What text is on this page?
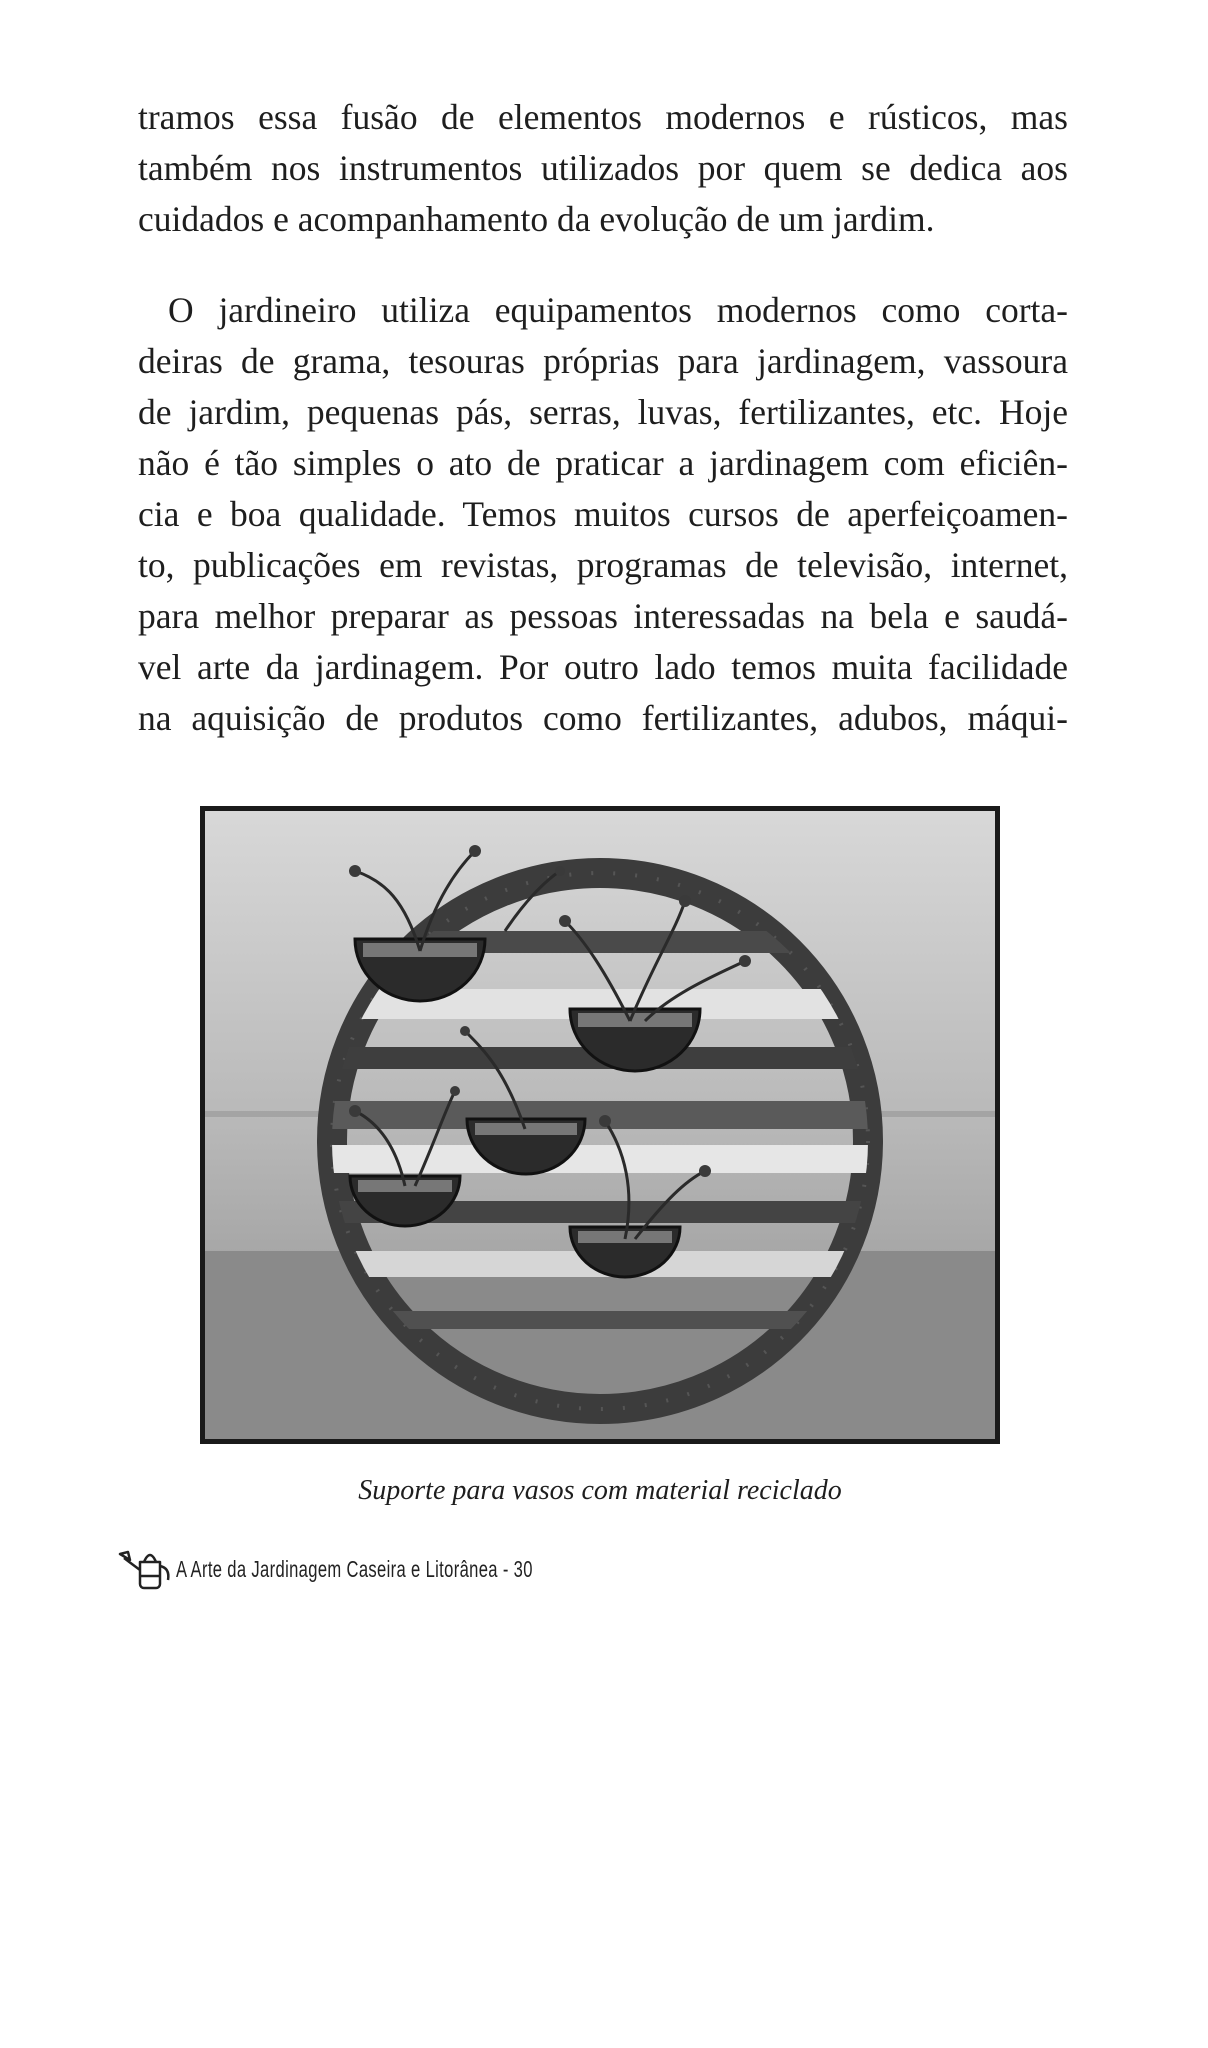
tramos essa fusão de elementos modernos e rústicos, mas
também nos instrumentos utilizados por quem se dedica aos
cuidados e acompanhamento da evolução de um jardim.
O jardineiro utiliza equipamentos modernos como corta-
deiras de grama, tesouras próprias para jardinagem, vassoura
de jardim, pequenas pás, serras, luvas, fertilizantes, etc. Hoje
não é tão simples o ato de praticar a jardinagem com eficiên-
cia e boa qualidade. Temos muitos cursos de aperfeiçoamen-
to, publicações em revistas, programas de televisão, internet,
para melhor preparar as pessoas interessadas na bela e saudá-
vel arte da jardinagem. Por outro lado temos muita facilidade
na aquisição de produtos como fertilizantes, adubos, máqui-
Suporte para vasos com material reciclado
A Arte da Jardinagem Caseira e Litorânea - 30
